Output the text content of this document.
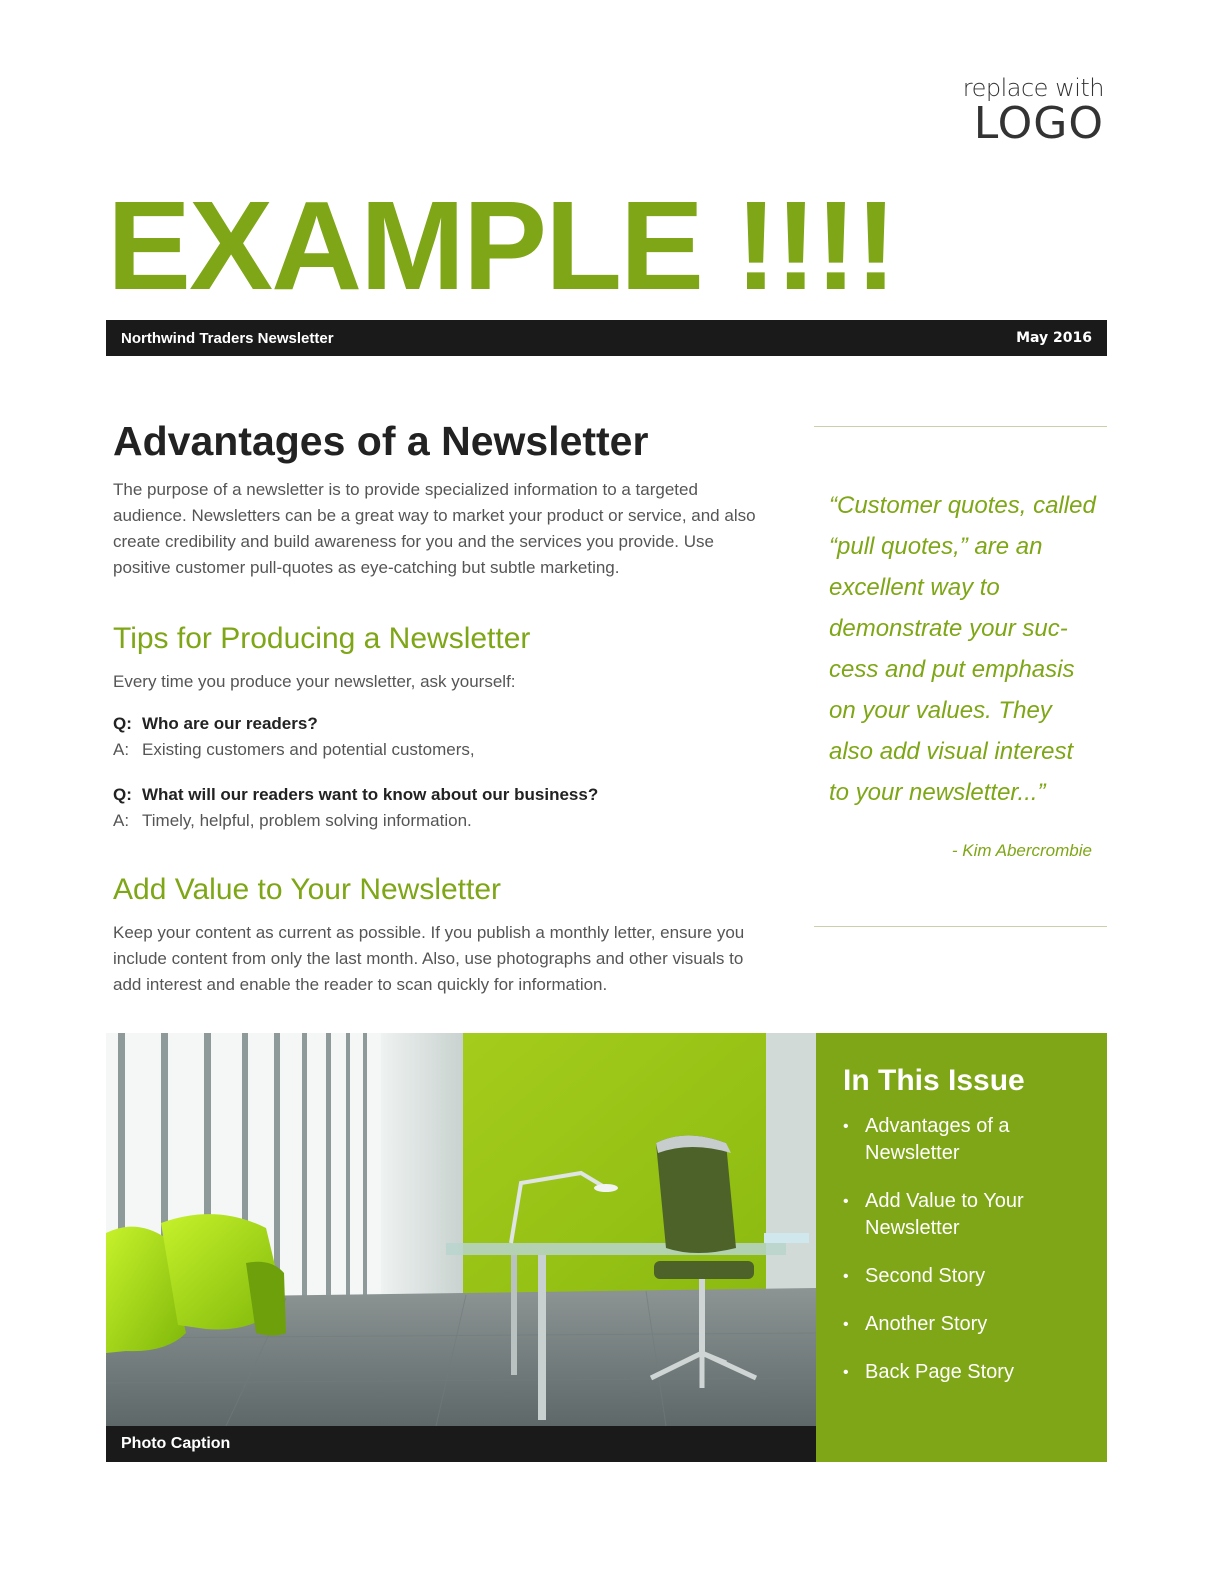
replace with
LOGO
EXAMPLE !!!!
Northwind Traders Newsletter	May 2016
Advantages of a Newsletter

The purpose of a newsletter is to provide specialized information to a targeted audience. Newsletters can be a great way to market your product or service, and also create credibility and build awareness for you and the services you provide. Use positive customer pull-quotes as eye-catching but subtle marketing.

Tips for Producing a Newsletter

Every time you produce your newsletter, ask yourself:

Q: Who are our readers?
A: Existing customers and potential customers,
Q: What will our readers want to know about our business?
A: Timely, helpful, problem solving information.
Add Value to Your Newsletter

Keep your content as current as possible. If you publish a monthly letter, ensure you include content from only the last month. Also, use photographs and other visuals to add interest and enable the reader to scan quickly for information.

“Customer quotes, called “pull quotes,” are an excellent way to demonstrate your suc-cess and put emphasis on your values. They also add visual interest to your newsletter...”
- Kim Abercrombie
Photo Caption
In This Issue
• Advantages of a Newsletter
• Add Value to Your Newsletter
• Second Story
• Another Story
• Back Page Story
